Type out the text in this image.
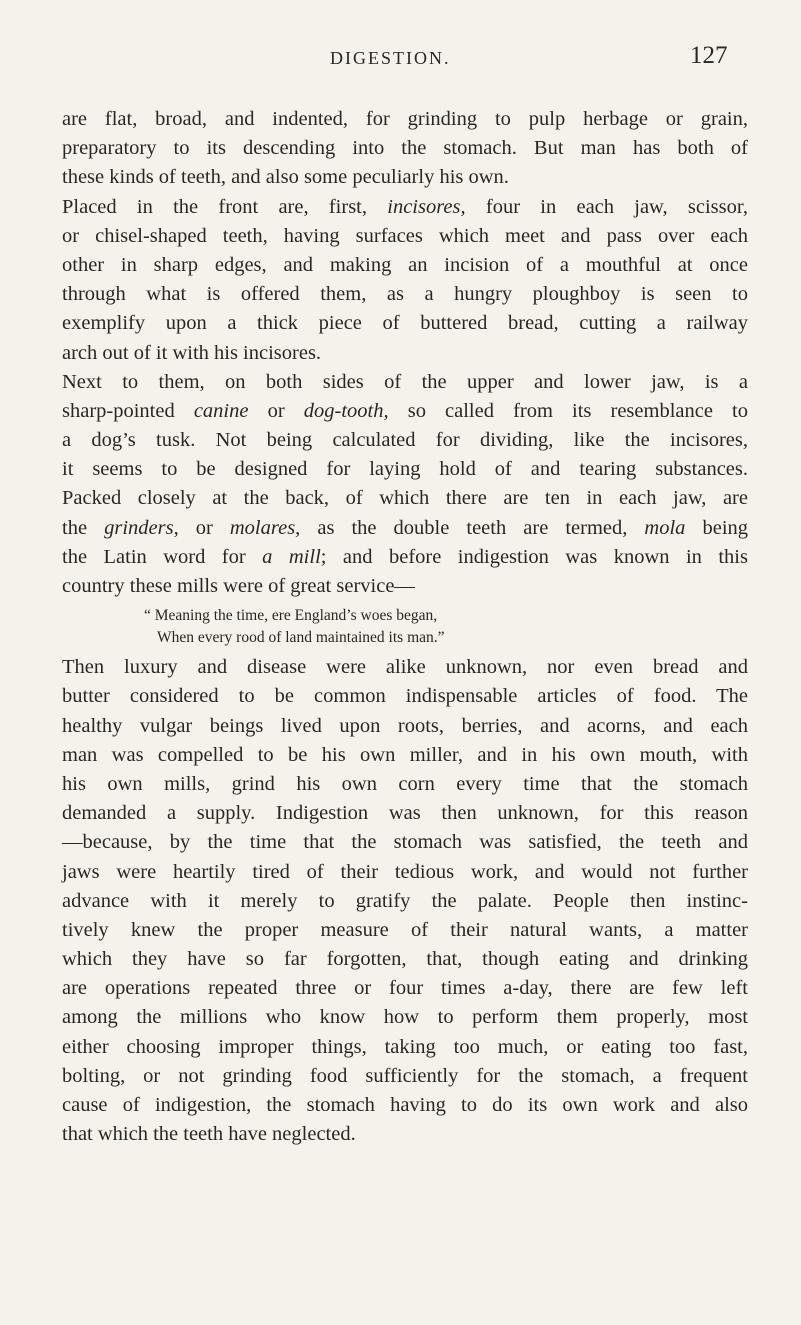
DIGESTION.	127
are flat, broad, and indented, for grinding to pulp herbage or grain,
preparatory to its descending into the stomach. But man has both of
these kinds of teeth, and also some peculiarly his own.
Placed in the front are, first, incisores, four in each jaw, scissor,
or chisel-shaped teeth, having surfaces which meet and pass over each
other in sharp edges, and making an incision of a mouthful at once
through what is offered them, as a hungry ploughboy is seen to
exemplify upon a thick piece of buttered bread, cutting a railway
arch out of it with his incisores.
Next to them, on both sides of the upper and lower jaw, is a
sharp-pointed canine or dog-tooth, so called from its resemblance to
a dog’s tusk. Not being calculated for dividing, like the incisores,
it seems to be designed for laying hold of and tearing substances.
Packed closely at the back, of which there are ten in each jaw, are
the grinders, or molares, as the double teeth are termed, mola being
the Latin word for a mill; and before indigestion was known in this
country these mills were of great service—
“ Meaning the time, ere England’s woes began,
When every rood of land maintained its man.”
Then luxury and disease were alike unknown, nor even bread and
butter considered to be common indispensable articles of food. The
healthy vulgar beings lived upon roots, berries, and acorns, and each
man was compelled to be his own miller, and in his own mouth, with
his own mills, grind his own corn every time that the stomach
demanded a supply. Indigestion was then unknown, for this reason
—because, by the time that the stomach was satisfied, the teeth and
jaws were heartily tired of their tedious work, and would not further
advance with it merely to gratify the palate. People then instinc-
tively knew the proper measure of their natural wants, a matter
which they have so far forgotten, that, though eating and drinking
are operations repeated three or four times a-day, there are few left
among the millions who know how to perform them properly, most
either choosing improper things, taking too much, or eating too fast,
bolting, or not grinding food sufficiently for the stomach, a frequent
cause of indigestion, the stomach having to do its own work and also
that which the teeth have neglected.
